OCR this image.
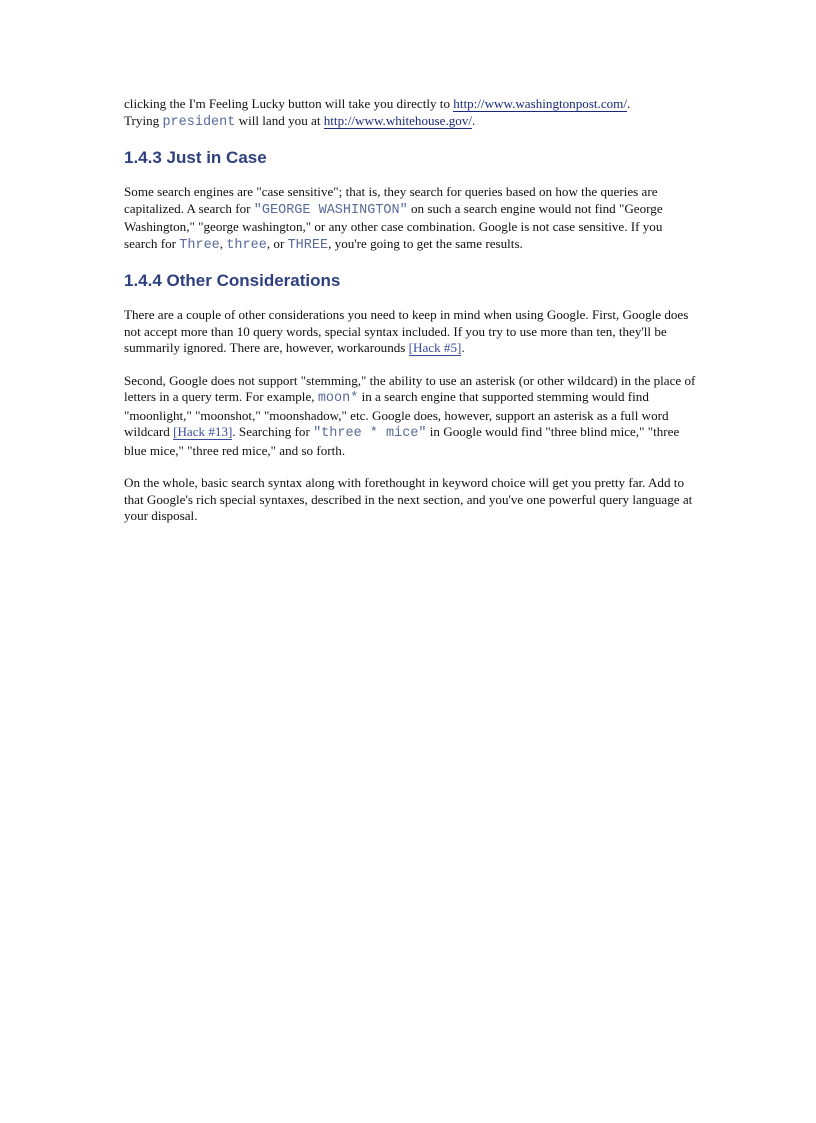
clicking the I'm Feeling Lucky button will take you directly to http://www.washingtonpost.com/.
Trying president will land you at http://www.whitehouse.gov/.

1.4.3 Just in Case

Some search engines are "case sensitive"; that is, they search for queries based on how the queries are capitalized. A search for "GEORGE WASHINGTON" on such a search engine would not find "George Washington," "george washington," or any other case combination. Google is not case sensitive. If you search for Three, three, or THREE, you're going to get the same results.

1.4.4 Other Considerations

There are a couple of other considerations you need to keep in mind when using Google. First, Google does not accept more than 10 query words, special syntax included. If you try to use more than ten, they'll be summarily ignored. There are, however, workarounds [Hack #5].

Second, Google does not support "stemming," the ability to use an asterisk (or other wildcard) in the place of letters in a query term. For example, moon* in a search engine that supported stemming would find "moonlight," "moonshot," "moonshadow," etc. Google does, however, support an asterisk as a full word wildcard [Hack #13]. Searching for "three * mice" in Google would find "three blind mice," "three blue mice," "three red mice," and so forth.

On the whole, basic search syntax along with forethought in keyword choice will get you pretty far. Add to that Google's rich special syntaxes, described in the next section, and you've one powerful query language at your disposal.
